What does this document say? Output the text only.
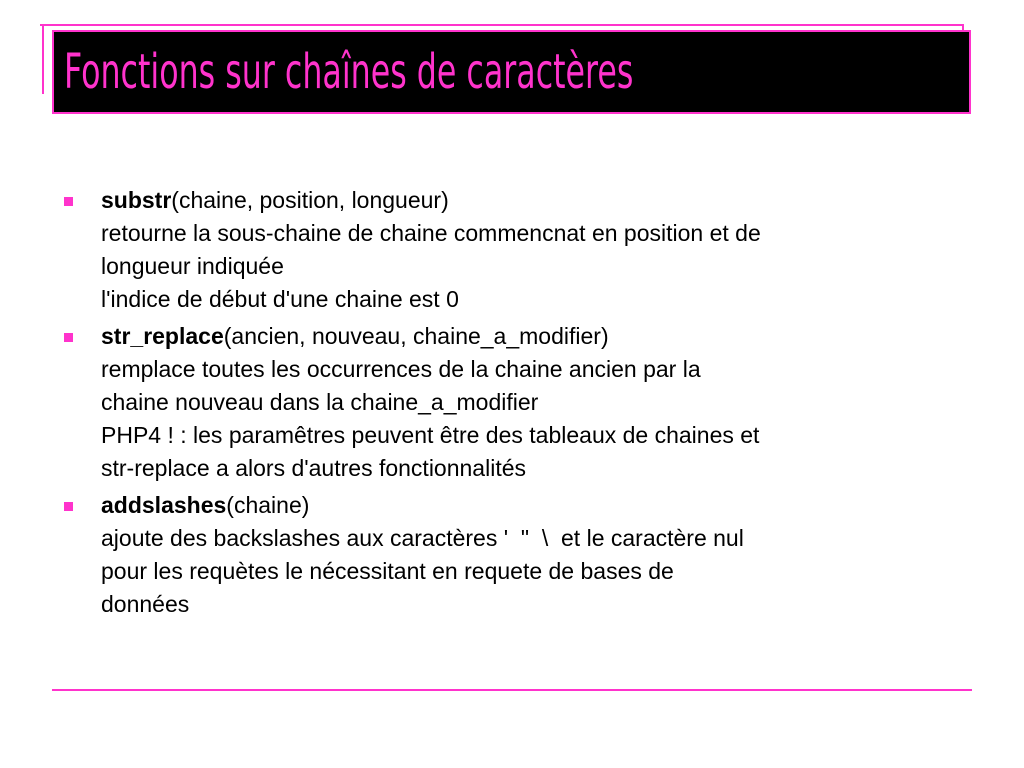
Fonctions sur chaînes de caractères
substr(chaine, position, longueur)
retourne la sous-chaine de chaine commencnat en position et de
longueur indiquée
l'indice de début d'une chaine est 0
str_replace(ancien, nouveau, chaine_a_modifier)
remplace toutes les occurrences de la chaine ancien par la
chaine nouveau dans la chaine_a_modifier
PHP4 ! : les paramêtres peuvent être des tableaux de chaines et
str-replace a alors d'autres fonctionnalités
addslashes(chaine)
ajoute des backslashes aux caractères '  "  \  et le caractère nul
pour les requètes le nécessitant en requete de bases de
données
